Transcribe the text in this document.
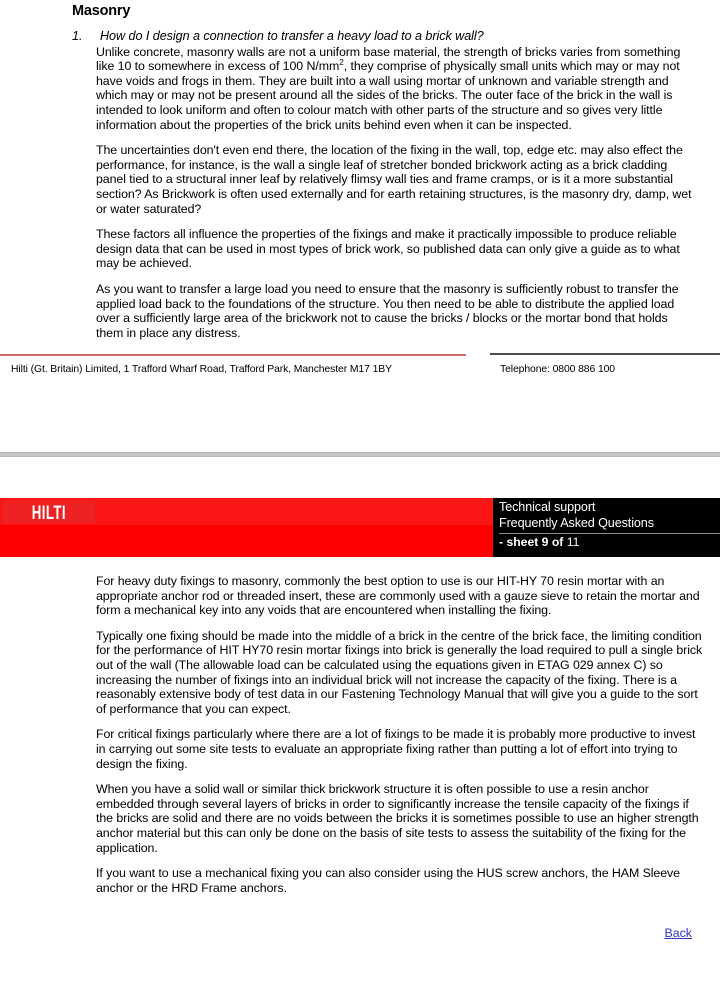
Masonry
1.	How do I design a connection to transfer a heavy load to a brick wall?

Unlike concrete, masonry walls are not a uniform base material, the strength of bricks varies from something like 10 to somewhere in excess of 100 $N/mm^2$, they comprise of physically small units which may or may not have voids and frogs in them. They are built into a wall using mortar of unknown and variable strength and which may or may not be present around all the sides of the bricks. The outer face of the brick in the wall is intended to look uniform and often to colour match with other parts of the structure and so gives very little information about the properties of the brick units behind even when it can be inspected.

The uncertainties don't even end there, the location of the fixing in the wall, top, edge etc. may also effect the performance, for instance, is the wall a single leaf of stretcher bonded brickwork acting as a brick cladding panel tied to a structural inner leaf by relatively flimsy wall ties and frame cramps, or is it a more substantial section? As Brickwork is often used externally and for earth retaining structures, is the masonry dry, damp, wet or water saturated?

These factors all influence the properties of the fixings and make it practically impossible to produce reliable design data that can be used in most types of brick work, so published data can only give a guide as to what may be achieved.

As you want to transfer a large load you need to ensure that the masonry is sufficiently robust to transfer the applied load back to the foundations of the structure. You then need to be able to distribute the applied load over a sufficiently large area of the brickwork not to cause the bricks / blocks or the mortar bond that holds them in place any distress.

Hilti (Gt. Britain) Limited, 1 Trafford Wharf Road, Trafford Park, Manchester M17 1BY	Telephone: 0800 886 100
HILTI	Technical support
Frequently Asked Questions
- sheet 9 of 11

For heavy duty fixings to masonry, commonly the best option to use is our HIT-HY 70 resin mortar with an appropriate anchor rod or threaded insert, these are commonly used with a gauze sieve to retain the mortar and form a mechanical key into any voids that are encountered when installing the fixing.

Typically one fixing should be made into the middle of a brick in the centre of the brick face, the limiting condition for the performance of HIT HY70 resin mortar fixings into brick is generally the load required to pull a single brick out of the wall (The allowable load can be calculated using the equations given in ETAG 029 annex C) so increasing the number of fixings into an individual brick will not increase the capacity of the fixing. There is a reasonably extensive body of test data in our Fastening Technology Manual that will give you a guide to the sort of performance that you can expect.

For critical fixings particularly where there are a lot of fixings to be made it is probably more productive to invest in carrying out some site tests to evaluate an appropriate fixing rather than putting a lot of effort into trying to design the fixing.

When you have a solid wall or similar thick brickwork structure it is often possible to use a resin anchor embedded through several layers of bricks in order to significantly increase the tensile capacity of the fixings if the bricks are solid and there are no voids between the bricks it is sometimes possible to use an higher strength anchor material but this can only be done on the basis of site tests to assess the suitability of the fixing for the application.

If you want to use a mechanical fixing you can also consider using the HUS screw anchors, the HAM Sleeve anchor or the HRD Frame anchors.

Back
